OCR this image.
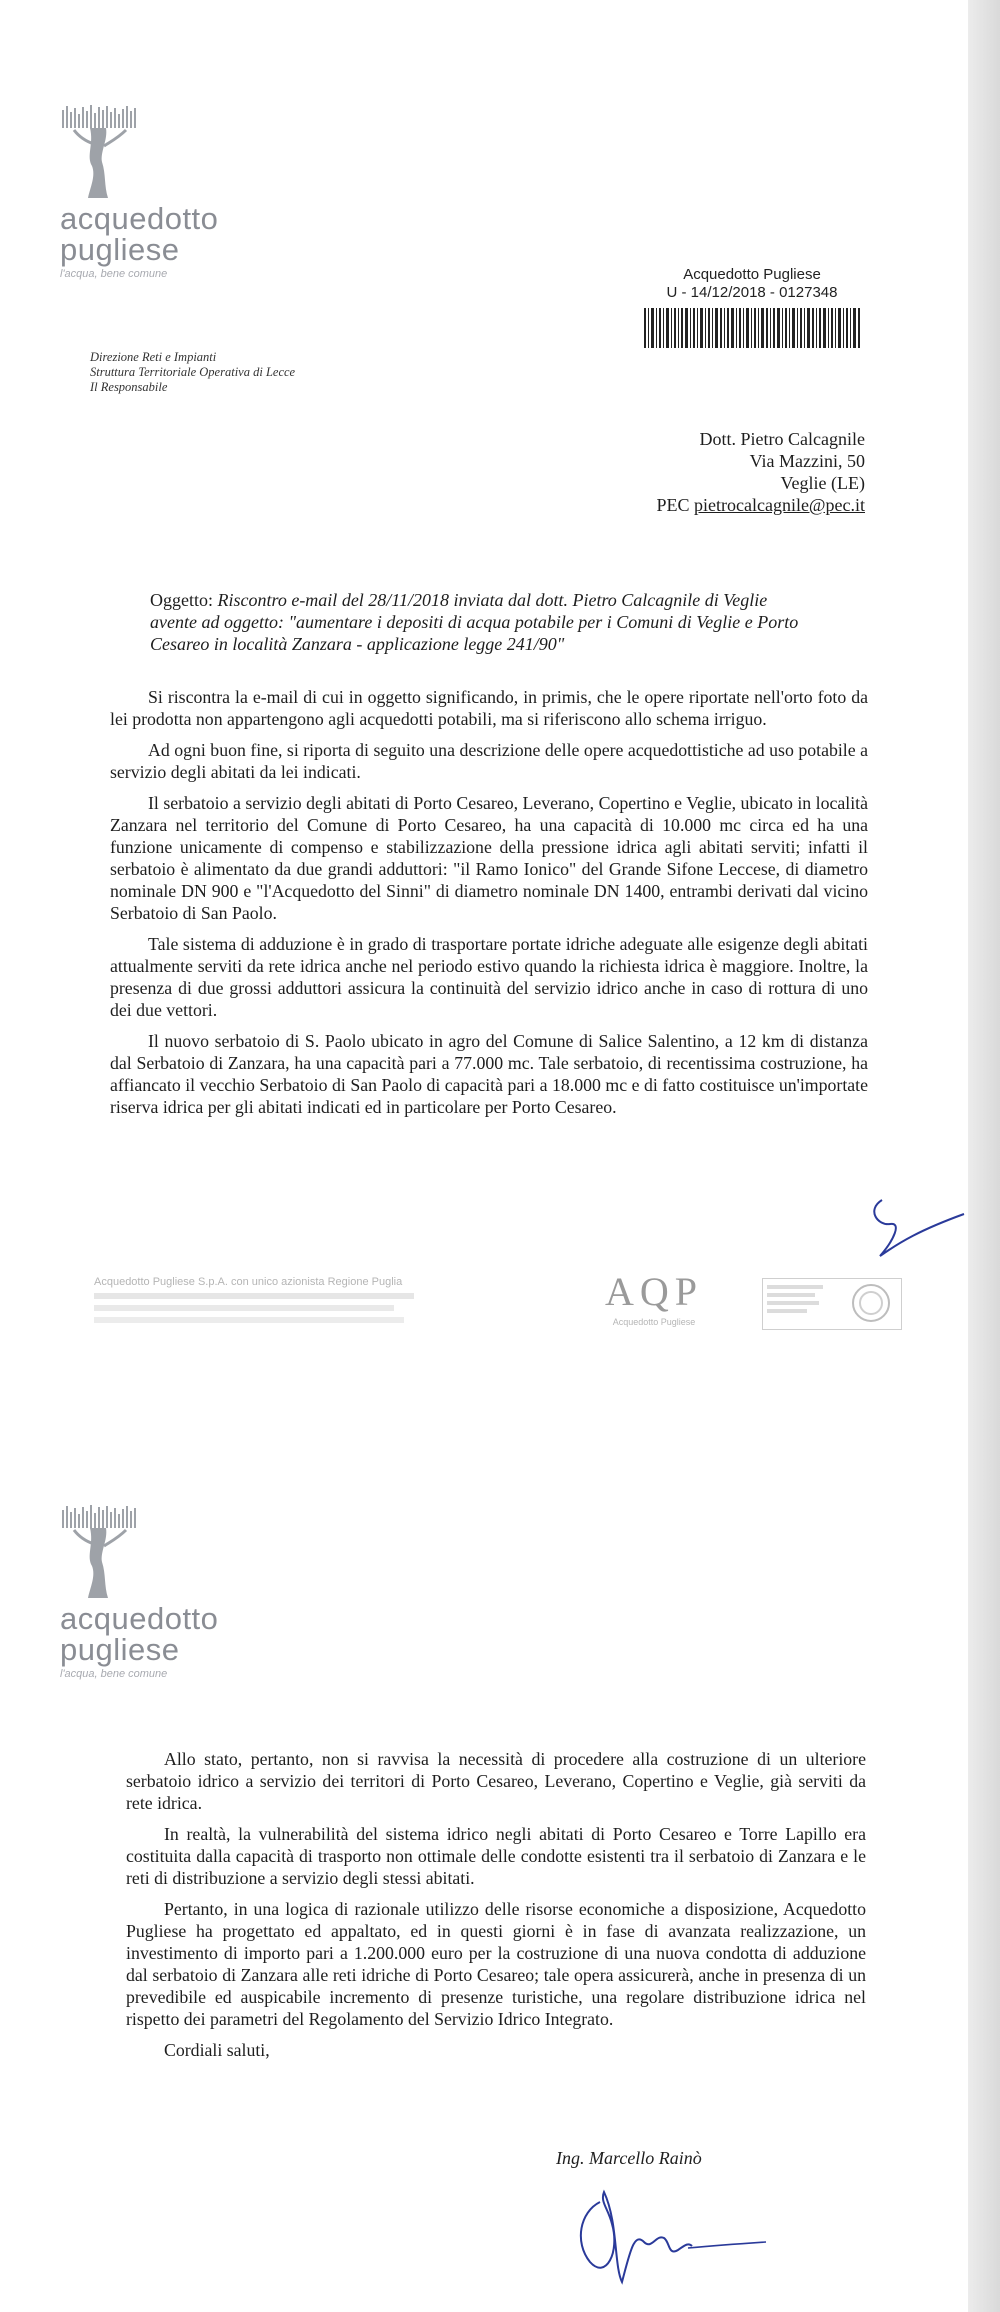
acquedotto
pugliese
l'acqua, bene comune	Acquedotto Pugliese
U - 14/12/2018 - 0127348
Direzione Reti e Impianti
Struttura Territoriale Operativa di Lecce
Il Responsabile
Dott. Pietro Calcagnile
Via Mazzini, 50
Veglie (LE)
PEC pietrocalcagnile@pec.it
Oggetto: Riscontro e-mail del 28/11/2018 inviata dal dott. Pietro Calcagnile di Veglie
avente ad oggetto: "aumentare i depositi di acqua potabile per i Comuni di Veglie e Porto
Cesareo in località Zanzara - applicazione legge 241/90"

Si riscontra la e-mail di cui in oggetto significando, in primis, che le opere riportate nell'orto foto da lei prodotta non appartengono agli acquedotti potabili, ma si riferiscono allo schema irriguo.

Ad ogni buon fine, si riporta di seguito una descrizione delle opere acquedottistiche ad uso potabile a servizio degli abitati da lei indicati.

Il serbatoio a servizio degli abitati di Porto Cesareo, Leverano, Copertino e Veglie, ubicato in località Zanzara nel territorio del Comune di Porto Cesareo, ha una capacità di 10.000 mc circa ed ha una funzione unicamente di compenso e stabilizzazione della pressione idrica agli abitati serviti; infatti il serbatoio è alimentato da due grandi adduttori: "il Ramo Ionico" del Grande Sifone Leccese, di diametro nominale DN 900 e "l'Acquedotto del Sinni" di diametro nominale DN 1400, entrambi derivati dal vicino Serbatoio di San Paolo.

Tale sistema di adduzione è in grado di trasportare portate idriche adeguate alle esigenze degli abitati attualmente serviti da rete idrica anche nel periodo estivo quando la richiesta idrica è maggiore. Inoltre, la presenza di due grossi adduttori assicura la continuità del servizio idrico anche in caso di rottura di uno dei due vettori.

Il nuovo serbatoio di S. Paolo ubicato in agro del Comune di Salice Salentino, a 12 km di distanza dal Serbatoio di Zanzara, ha una capacità pari a 77.000 mc. Tale serbatoio, di recentissima costruzione, ha affiancato il vecchio Serbatoio di San Paolo di capacità pari a 18.000 mc e di fatto costituisce un'importate riserva idrica per gli abitati indicati ed in particolare per Porto Cesareo.

Acquedotto Pugliese S.p.A. con unico azionista Regione Puglia	AQP
Acquedotto Pugliese
acquedotto
pugliese
l'acqua, bene comune

Allo stato, pertanto, non si ravvisa la necessità di procedere alla costruzione di un ulteriore serbatoio idrico a servizio dei territori di Porto Cesareo, Leverano, Copertino e Veglie, già serviti da rete idrica.

In realtà, la vulnerabilità del sistema idrico negli abitati di Porto Cesareo e Torre Lapillo era costituita dalla capacità di trasporto non ottimale delle condotte esistenti tra il serbatoio di Zanzara e le reti di distribuzione a servizio degli stessi abitati.

Pertanto, in una logica di razionale utilizzo delle risorse economiche a disposizione, Acquedotto Pugliese ha progettato ed appaltato, ed in questi giorni è in fase di avanzata realizzazione, un investimento di importo pari a 1.200.000 euro per la costruzione di una nuova condotta di adduzione dal serbatoio di Zanzara alle reti idriche di Porto Cesareo; tale opera assicurerà, anche in presenza di un prevedibile ed auspicabile incremento di presenze turistiche, una regolare distribuzione idrica nel rispetto dei parametri del Regolamento del Servizio Idrico Integrato.

Cordiali saluti,

Ing. Marcello Rainò
